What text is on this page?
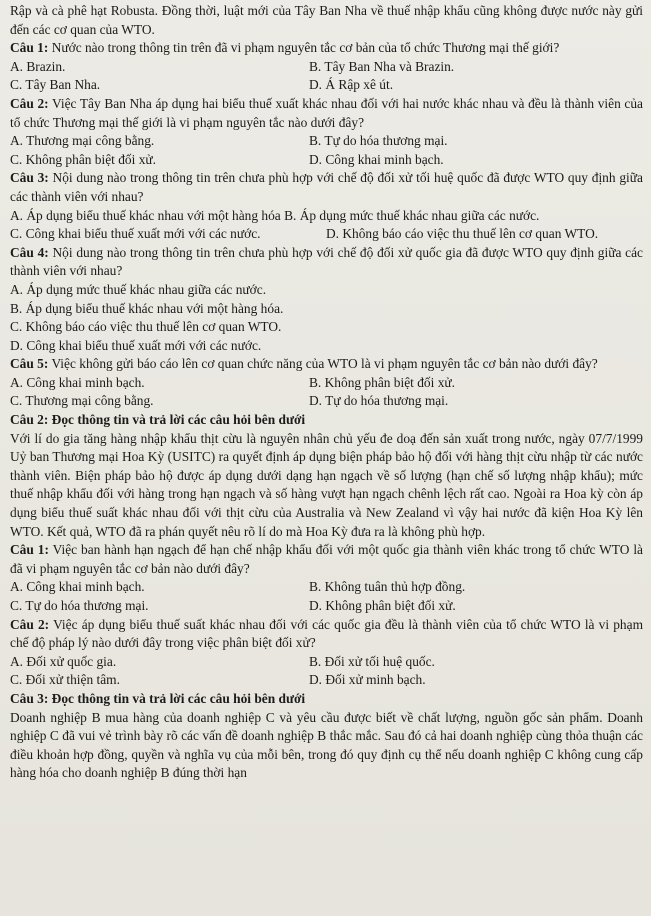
Rập và cà phê hạt Robusta. Đồng thời, luật mới của Tây Ban Nha về thuế nhập khẩu cũng không được nước này gửi đến các cơ quan của WTO.

Câu 1: Nước nào trong thông tin trên đã vi phạm nguyên tắc cơ bản của tổ chức Thương mại thế giới?

A. Brazin.	B. Tây Ban Nha và Brazin.
C. Tây Ban Nha.	D. Á Rập xê út.

Câu 2: Việc Tây Ban Nha áp dụng hai biểu thuế xuất khác nhau đối với hai nước khác nhau và đều là thành viên của tổ chức Thương mại thế giới là vi phạm nguyên tắc nào dưới đây?

A. Thương mại công bằng.	B. Tự do hóa thương mại.
C. Không phân biệt đối xử.	D. Công khai minh bạch.

Câu 3: Nội dung nào trong thông tin trên chưa phù hợp với chế độ đối xử tối huệ quốc đã được WTO quy định giữa các thành viên với nhau?

A. Áp dụng biểu thuế khác nhau với một hàng hóa B. Áp dụng mức thuế khác nhau giữa các nước.

C. Công khai biểu thuế xuất mới với các nước.	D. Không báo cáo việc thu thuế lên cơ quan WTO.

Câu 4: Nội dung nào trong thông tin trên chưa phù hợp với chế độ đối xử quốc gia đã được WTO quy định giữa các thành viên với nhau?

A. Áp dụng mức thuế khác nhau giữa các nước.

B. Áp dụng biểu thuế khác nhau với một hàng hóa.

C. Không báo cáo việc thu thuế lên cơ quan WTO.

D. Công khai biểu thuế xuất mới với các nước.

Câu 5: Việc không gửi báo cáo lên cơ quan chức năng của WTO là vi phạm nguyên tắc cơ bản nào dưới đây?

A. Công khai minh bạch.	B. Không phân biệt đối xử.
C. Thương mại công bằng.	D. Tự do hóa thương mại.

Câu 2: Đọc thông tin và trả lời các câu hỏi bên dưới

Với lí do gia tăng hàng nhập khẩu thịt cừu là nguyên nhân chủ yếu đe doạ đến sản xuất trong nước, ngày 07/7/1999 Uỷ ban Thương mại Hoa Kỳ (USITC) ra quyết định áp dụng biện pháp bảo hộ đối với hàng thịt cừu nhập từ các nước thành viên. Biện pháp bảo hộ được áp dụng dưới dạng hạn ngạch về số lượng (hạn chế số lượng nhập khẩu); mức thuế nhập khẩu đối với hàng trong hạn ngạch và số hàng vượt hạn ngạch chênh lệch rất cao. Ngoài ra Hoa kỳ còn áp dụng biểu thuế suất khác nhau đối với thịt cừu của Australia và New Zealand vì vậy hai nước đã kiện Hoa Kỳ lên WTO. Kết quả, WTO đã ra phán quyết nêu rõ lí do mà Hoa Kỳ đưa ra là không phù hợp.

Câu 1: Việc ban hành hạn ngạch để hạn chế nhập khẩu đối với một quốc gia thành viên khác trong tổ chức WTO là đã vi phạm nguyên tắc cơ bản nào dưới đây?

A. Công khai minh bạch.	B. Không tuân thủ hợp đồng.
C. Tự do hóa thương mại.	D. Không phân biệt đối xử.

Câu 2: Việc áp dụng biểu thuế suất khác nhau đối với các quốc gia đều là thành viên của tổ chức WTO là vi phạm chế độ pháp lý nào dưới đây trong việc phân biệt đối xử?

A. Đối xử quốc gia.	B. Đối xử tối huệ quốc.
C. Đối xử thiện tâm.	D. Đối xử minh bạch.

Câu 3: Đọc thông tin và trả lời các câu hỏi bên dưới

Doanh nghiệp B mua hàng của doanh nghiệp C và yêu cầu được biết về chất lượng, nguồn gốc sản phẩm. Doanh nghiệp C đã vui vẻ trình bày rõ các vấn đề doanh nghiệp B thắc mắc. Sau đó cả hai doanh nghiệp cùng thỏa thuận các điều khoản hợp đồng, quyền và nghĩa vụ của mỗi bên, trong đó quy định cụ thể nếu doanh nghiệp C không cung cấp hàng hóa cho doanh nghiệp B đúng thời hạn
